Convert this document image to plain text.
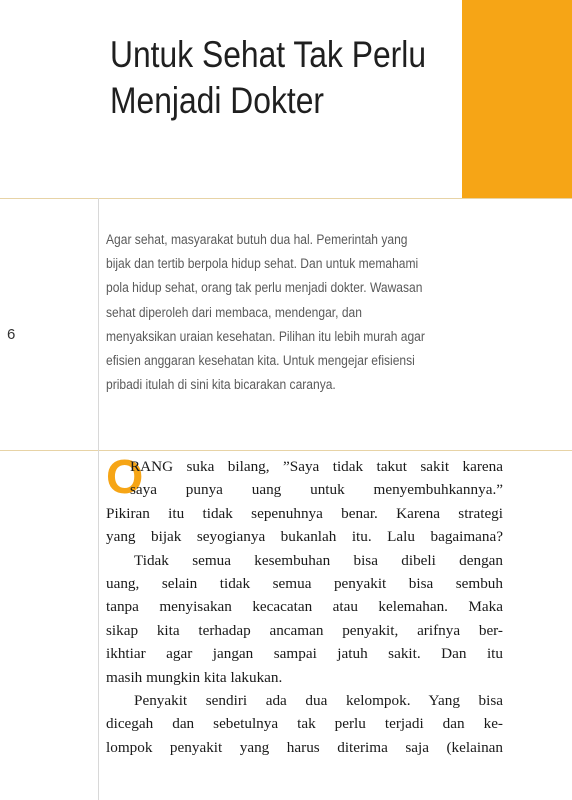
Untuk Sehat Tak Perlu
Menjadi Dokter
6
Agar sehat, masyarakat butuh dua hal. Pemerintah yang
bijak dan tertib berpola hidup sehat. Dan untuk memahami
pola hidup sehat, orang tak perlu menjadi dokter. Wawasan
sehat diperoleh dari membaca, mendengar, dan
menyaksikan uraian kesehatan. Pilihan itu lebih murah agar
efisien anggaran kesehatan kita. Untuk mengejar efisiensi
pribadi itulah di sini kita bicarakan caranya.
O
RANG suka bilang, ”Saya tidak takut sakit karena
saya punya uang untuk menyembuhkannya.”
Pikiran itu tidak sepenuhnya benar. Karena strategi
yang bijak seyogianya bukanlah itu. Lalu bagaimana?
Tidak semua kesembuhan bisa dibeli dengan
uang, selain tidak semua penyakit bisa sembuh
tanpa menyisakan kecacatan atau kelemahan. Maka
sikap kita terhadap ancaman penyakit, arifnya ber-
ikhtiar agar jangan sampai jatuh sakit. Dan itu
masih mungkin kita lakukan.
Penyakit sendiri ada dua kelompok. Yang bisa
dicegah dan sebetulnya tak perlu terjadi dan ke-
lompok penyakit yang harus diterima saja (kelainan
